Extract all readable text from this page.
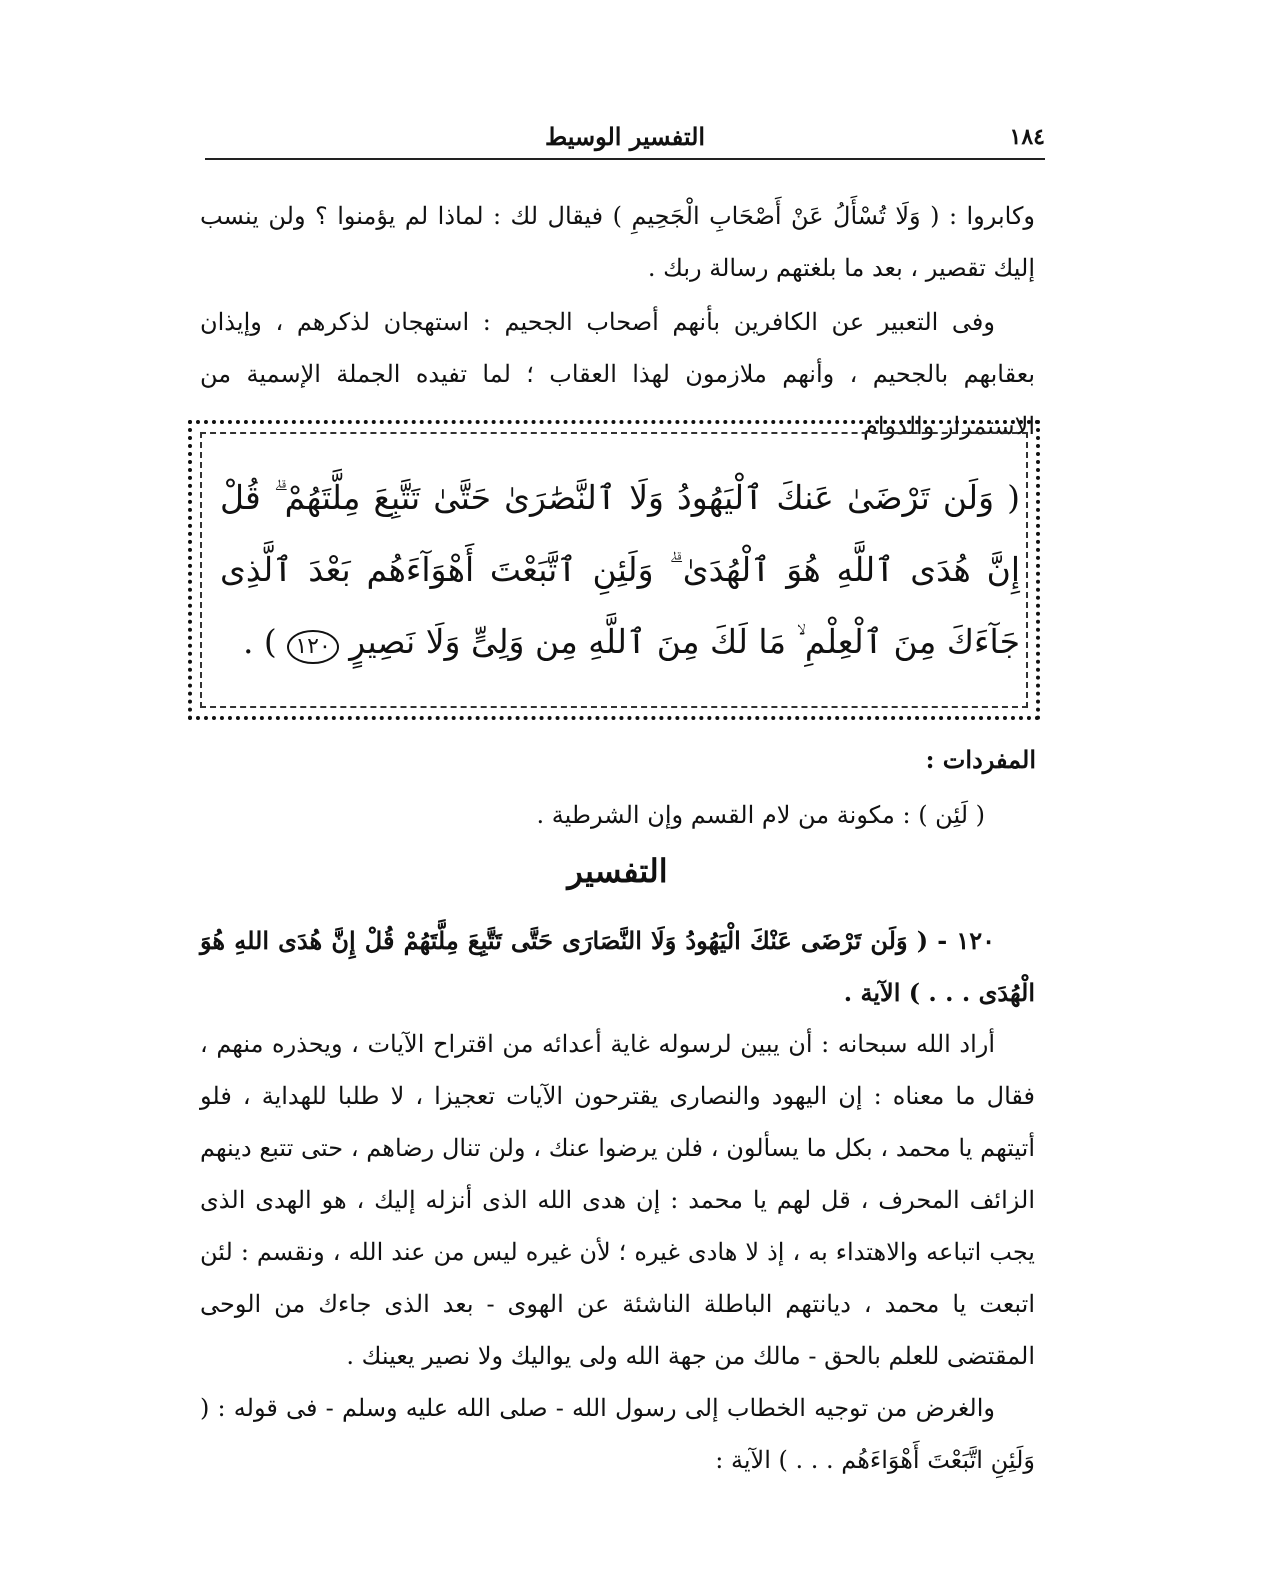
١٨٤
التفسير الوسيط

وكابروا : ( وَلَا تُسْأَلُ عَنْ أَصْحَابِ الْجَحِيمِ ) فيقال لك : لماذا لم يؤمنوا ؟ ولن ينسب إليك تقصير ، بعد ما بلغتهم رسالة ربك .

وفى التعبير عن الكافرين بأنهم أصحاب الجحيم : استهجان لذكرهم ، وإيذان بعقابهم بالجحيم ، وأنهم ملازمون لهذا العقاب ؛ لما تفيده الجملة الإسمية من الاستمرار والدوام

( وَلَن تَرْضَىٰ عَنكَ ٱلْيَهُودُ وَلَا ٱلنَّصَٰرَىٰ حَتَّىٰ تَتَّبِعَ مِلَّتَهُمْ ۗ قُلْ إِنَّ هُدَى ٱللَّهِ هُوَ ٱلْهُدَىٰ ۗ وَلَئِنِ ٱتَّبَعْتَ أَهْوَآءَهُم بَعْدَ ٱلَّذِى جَآءَكَ مِنَ ٱلْعِلْمِ ۙ مَا لَكَ مِنَ ٱللَّهِ مِن وَلِىٍّ وَلَا نَصِيرٍ ١٢٠ ) .

المفردات :

( لَئِن ) : مكونة من لام القسم وإن الشرطية .

التفسير

١٢٠ - ( وَلَن تَرْضَى عَنْكَ الْيَهُودُ وَلَا النَّصَارَى حَتَّى تَتَّبِعَ مِلَّتَهُمْ قُلْ إِنَّ هُدَى اللهِ هُوَ الْهُدَى . . . ) الآية .

أراد الله سبحانه : أن يبين لرسوله غاية أعدائه من اقتراح الآيات ، ويحذره منهم ، فقال ما معناه : إن اليهود والنصارى يقترحون الآيات تعجيزا ، لا طلبا للهداية ، فلو أتيتهم يا محمد ، بكل ما يسألون ، فلن يرضوا عنك ، ولن تنال رضاهم ، حتى تتبع دينهم الزائف المحرف ، قل لهم يا محمد : إن هدى الله الذى أنزله إليك ، هو الهدى الذى يجب اتباعه والاهتداء به ، إذ لا هادى غيره ؛ لأن غيره ليس من عند الله ، ونقسم : لئن اتبعت يا محمد ، ديانتهم الباطلة الناشئة عن الهوى - بعد الذى جاءك من الوحى المقتضى للعلم بالحق - مالك من جهة الله ولى يواليك ولا نصير يعينك .

والغرض من توجيه الخطاب إلى رسول الله - صلى الله عليه وسلم - فى قوله : ( وَلَئِنِ اتَّبَعْتَ أَهْوَاءَهُم . . . ) الآية :
